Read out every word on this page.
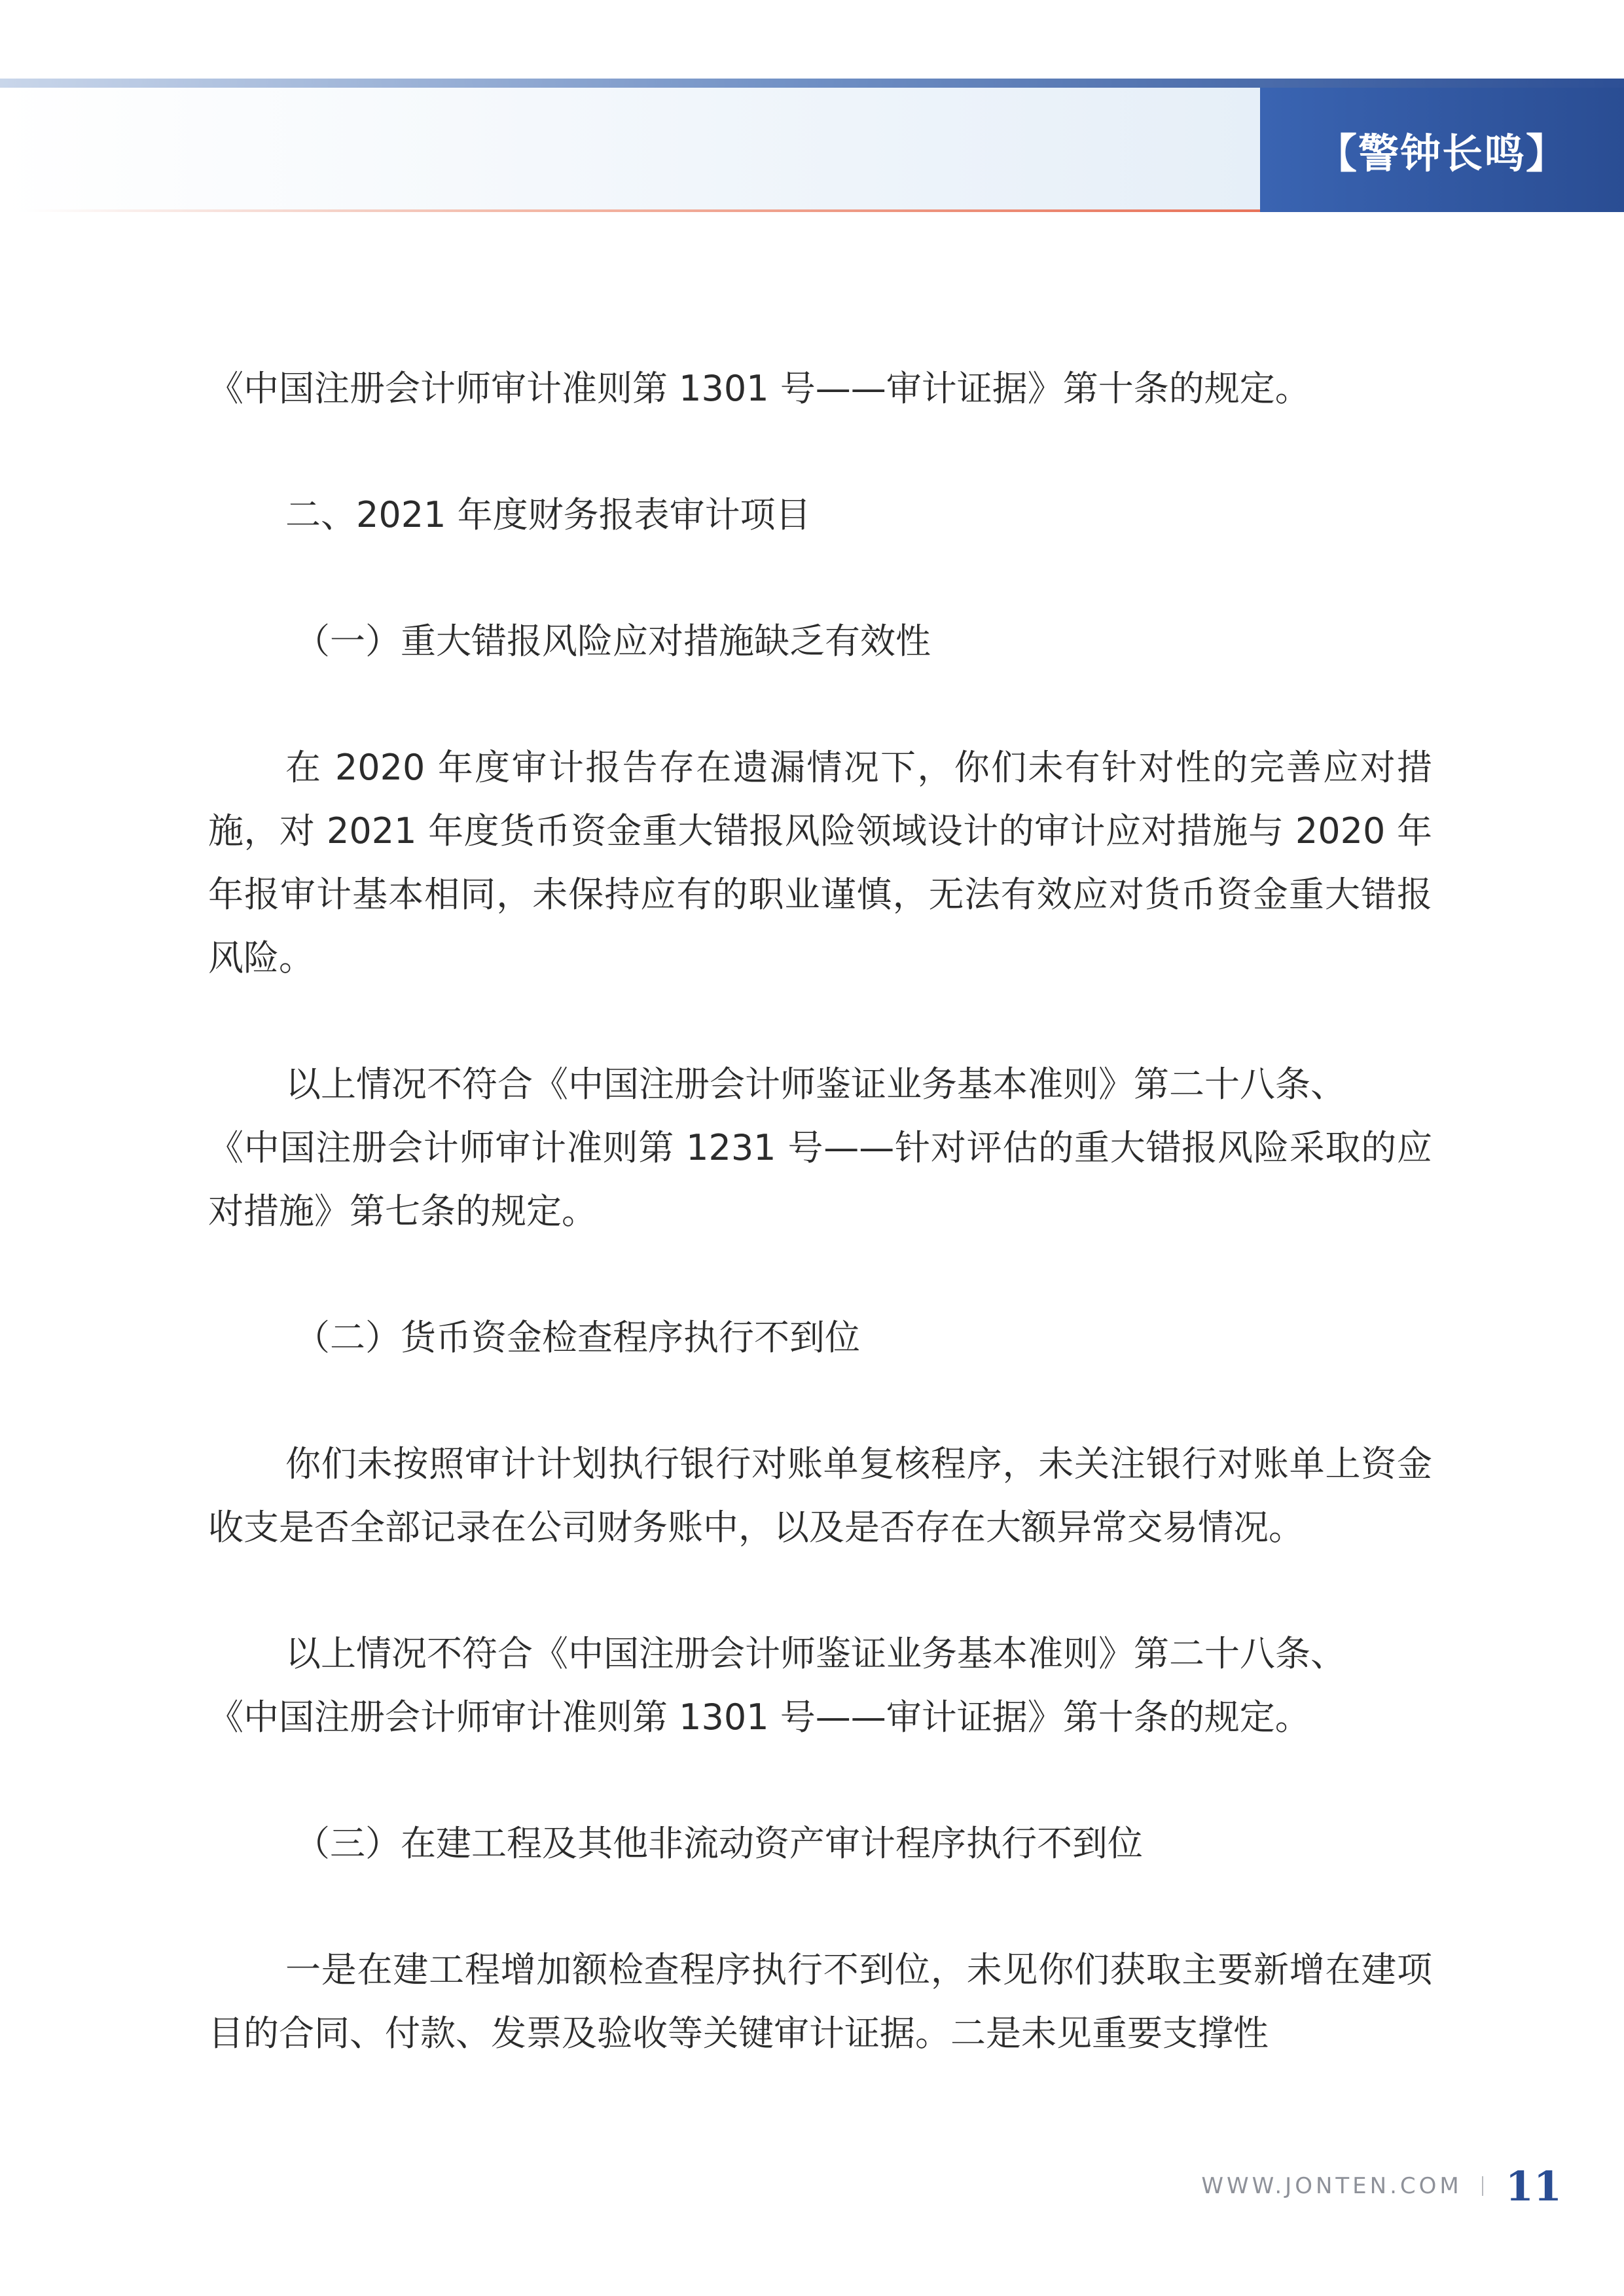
【警钟长鸣】

《中国注册会计师审计准则第 1301 号——审计证据》第十条的规定。

二、2021 年度财务报表审计项目

（一）重大错报风险应对措施缺乏有效性

在 2020 年度审计报告存在遗漏情况下，你们未有针对性的完善应对措施，对 2021 年度货币资金重大错报风险领域设计的审计应对措施与 2020 年年报审计基本相同，未保持应有的职业谨慎，无法有效应对货币资金重大错报风险。

以上情况不符合《中国注册会计师鉴证业务基本准则》第二十八条、

《中国注册会计师审计准则第 1231 号——针对评估的重大错报风险采取的应对措施》第七条的规定。

（二）货币资金检查程序执行不到位

你们未按照审计计划执行银行对账单复核程序，未关注银行对账单上资金收支是否全部记录在公司财务账中，以及是否存在大额异常交易情况。

以上情况不符合《中国注册会计师鉴证业务基本准则》第二十八条、

《中国注册会计师审计准则第 1301 号——审计证据》第十条的规定。

（三）在建工程及其他非流动资产审计程序执行不到位

一是在建工程增加额检查程序执行不到位，未见你们获取主要新增在建项目的合同、付款、发票及验收等关键审计证据。二是未见重要支撑性

WWW.JONTEN.COM 11
